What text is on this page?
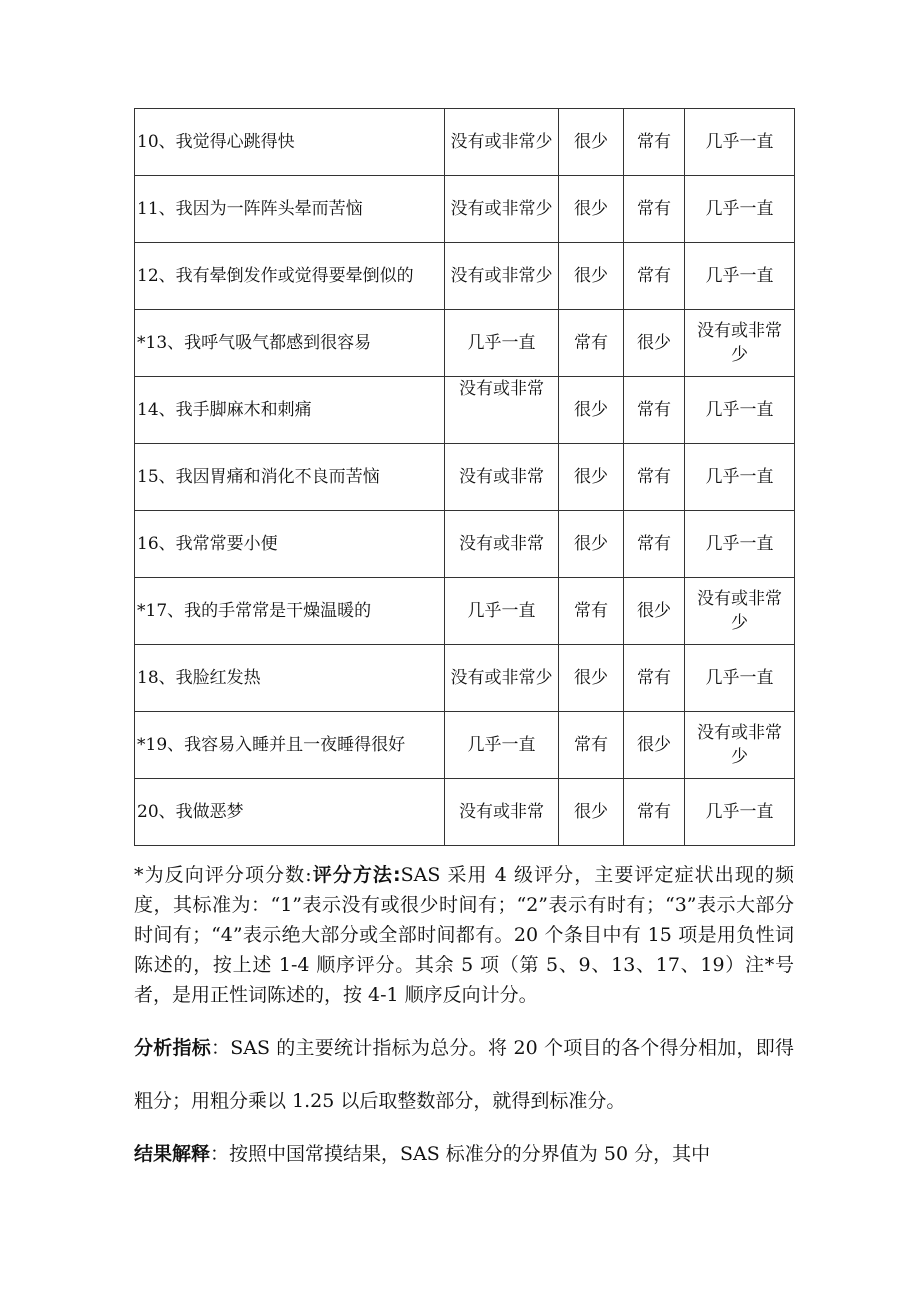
10、我觉得心跳得快	没有或非常少	很少	常有	几乎一直
11、我因为一阵阵头晕而苦恼	没有或非常少	很少	常有	几乎一直
12、我有晕倒发作或觉得要晕倒似的	没有或非常少	很少	常有	几乎一直
*13、我呼气吸气都感到很容易	几乎一直	常有	很少	没有或非常少
14、我手脚麻木和刺痛	没有或非常	很少	常有	几乎一直
15、我因胃痛和消化不良而苦恼	没有或非常	很少	常有	几乎一直
16、我常常要小便	没有或非常	很少	常有	几乎一直
*17、我的手常常是干燥温暖的	几乎一直	常有	很少	没有或非常少
18、我脸红发热	没有或非常少	很少	常有	几乎一直
*19、我容易入睡并且一夜睡得很好	几乎一直	常有	很少	没有或非常少
20、我做恶梦	没有或非常	很少	常有	几乎一直

*为反向评分项分数:评分方法:SAS 采用 4 级评分，主要评定症状出现的频度，其标准为：“1”表示没有或很少时间有；“2”表示有时有；“3”表示大部分时间有；“4”表示绝大部分或全部时间都有。20 个条目中有 15 项是用负性词陈述的，按上述 1-4 顺序评分。其余 5 项（第 5、9、13、17、19）注*号者，是用正性词陈述的，按 4-1 顺序反向计分。

分析指标：SAS 的主要统计指标为总分。将 20 个项目的各个得分相加，即得粗分；用粗分乘以 1.25 以后取整数部分，就得到标准分。

结果解释：按照中国常摸结果，SAS 标准分的分界值为 50 分，其中
